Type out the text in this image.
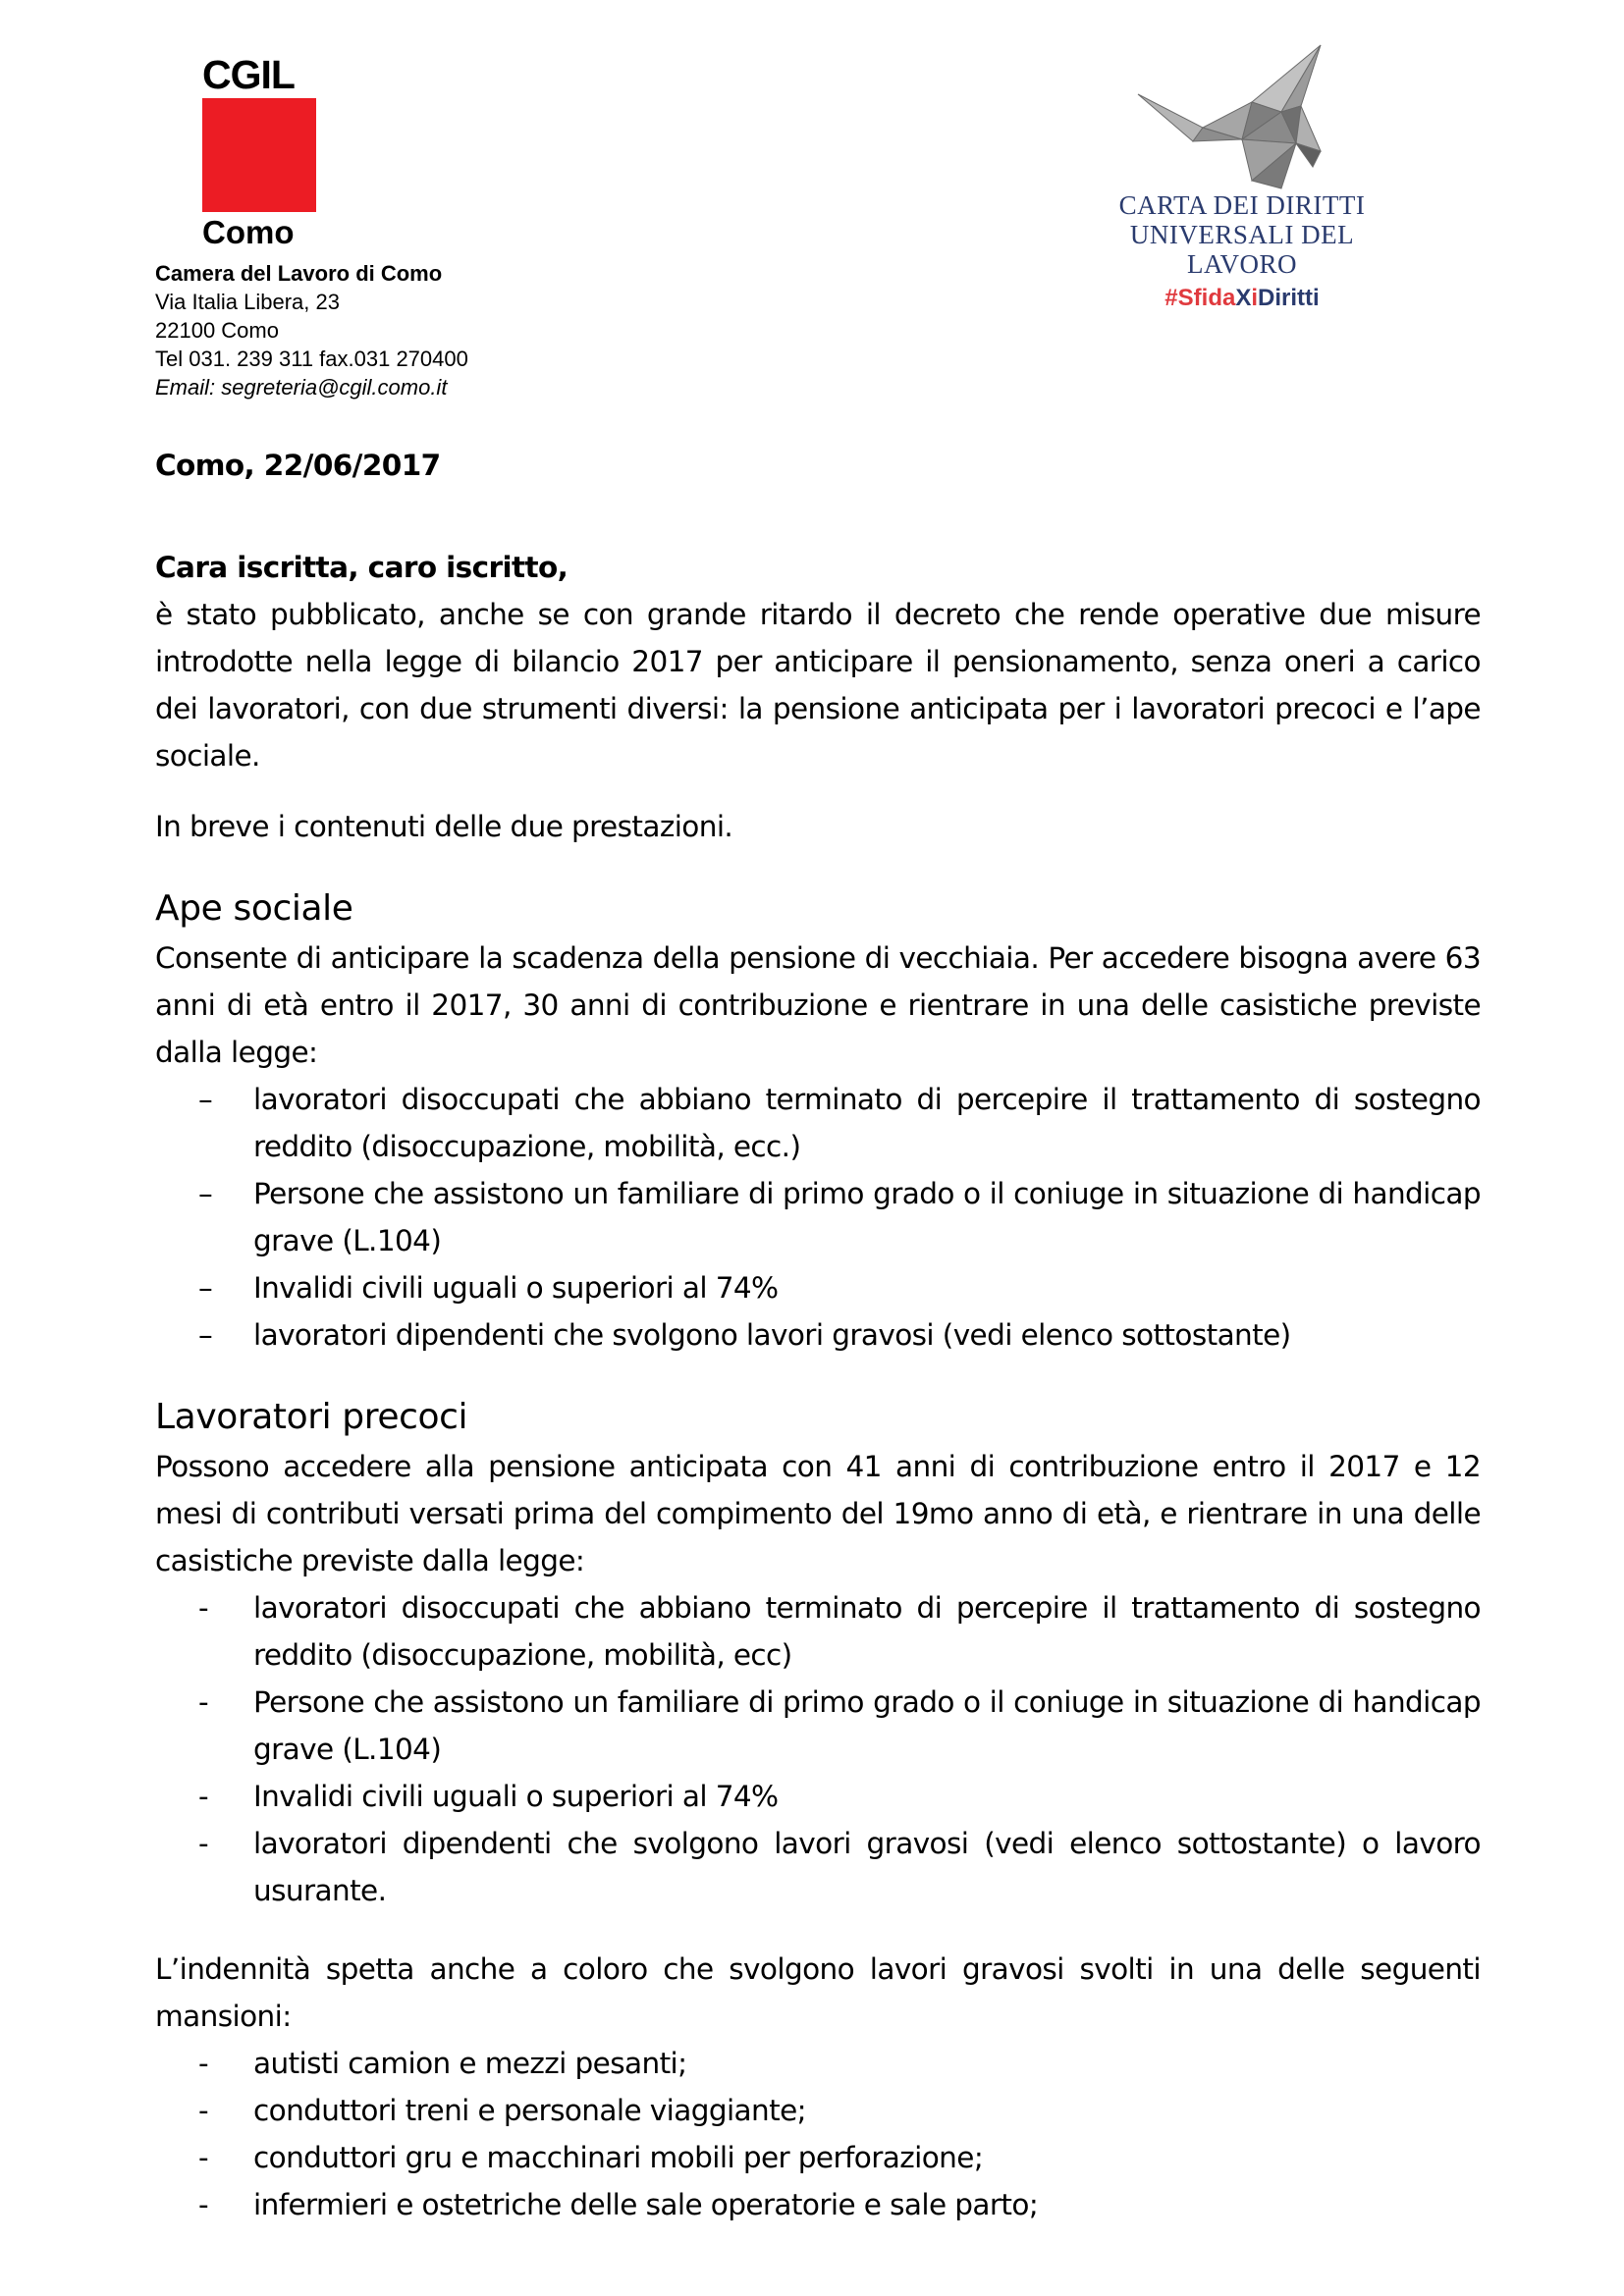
CGIL
Como
Camera del Lavoro di Como
Via Italia Libera, 23
22100 Como
Tel 031. 239 311 fax.031 270400
Email: segreteria@cgil.como.it
CARTA DEI DIRITTI
UNIVERSALI DEL LAVORO
#SfidaXiDiritti

Como, 22/06/2017

Cara iscritta, caro iscritto,

è stato pubblicato, anche se con grande ritardo il decreto che rende operative due misure introdotte nella legge di bilancio 2017 per anticipare il pensionamento, senza oneri a carico dei lavoratori, con due strumenti diversi: la pensione anticipata per i lavoratori precoci e l’ape sociale.

In breve i contenuti delle due prestazioni.

Ape sociale

Consente di anticipare la scadenza della pensione di vecchiaia. Per accedere bisogna avere 63 anni di età entro il 2017, 30 anni di contribuzione e rientrare in una delle casistiche previste dalla legge:

– lavoratori disoccupati che abbiano terminato di percepire il trattamento di sostegno reddito (disoccupazione, mobilità, ecc.)
– Persone che assistono un familiare di primo grado o il coniuge in situazione di handicap grave (L.104)
– Invalidi civili uguali o superiori al 74%
– lavoratori dipendenti che svolgono lavori gravosi (vedi elenco sottostante)

Lavoratori precoci

Possono accedere alla pensione anticipata con 41 anni di contribuzione entro il 2017 e 12 mesi di contributi versati prima del compimento del 19mo anno di età, e rientrare in una delle casistiche previste dalla legge:

- lavoratori disoccupati che abbiano terminato di percepire il trattamento di sostegno reddito (disoccupazione, mobilità, ecc)
- Persone che assistono un familiare di primo grado o il coniuge in situazione di handicap grave (L.104)
- Invalidi civili uguali o superiori al 74%
- lavoratori dipendenti che svolgono lavori gravosi (vedi elenco sottostante) o lavoro usurante.

L’indennità spetta anche a coloro che svolgono lavori gravosi svolti in una delle seguenti mansioni:

- autisti camion e mezzi pesanti;
- conduttori treni e personale viaggiante;
- conduttori gru e macchinari mobili per perforazione;
- infermieri e ostetriche delle sale operatorie e sale parto;
